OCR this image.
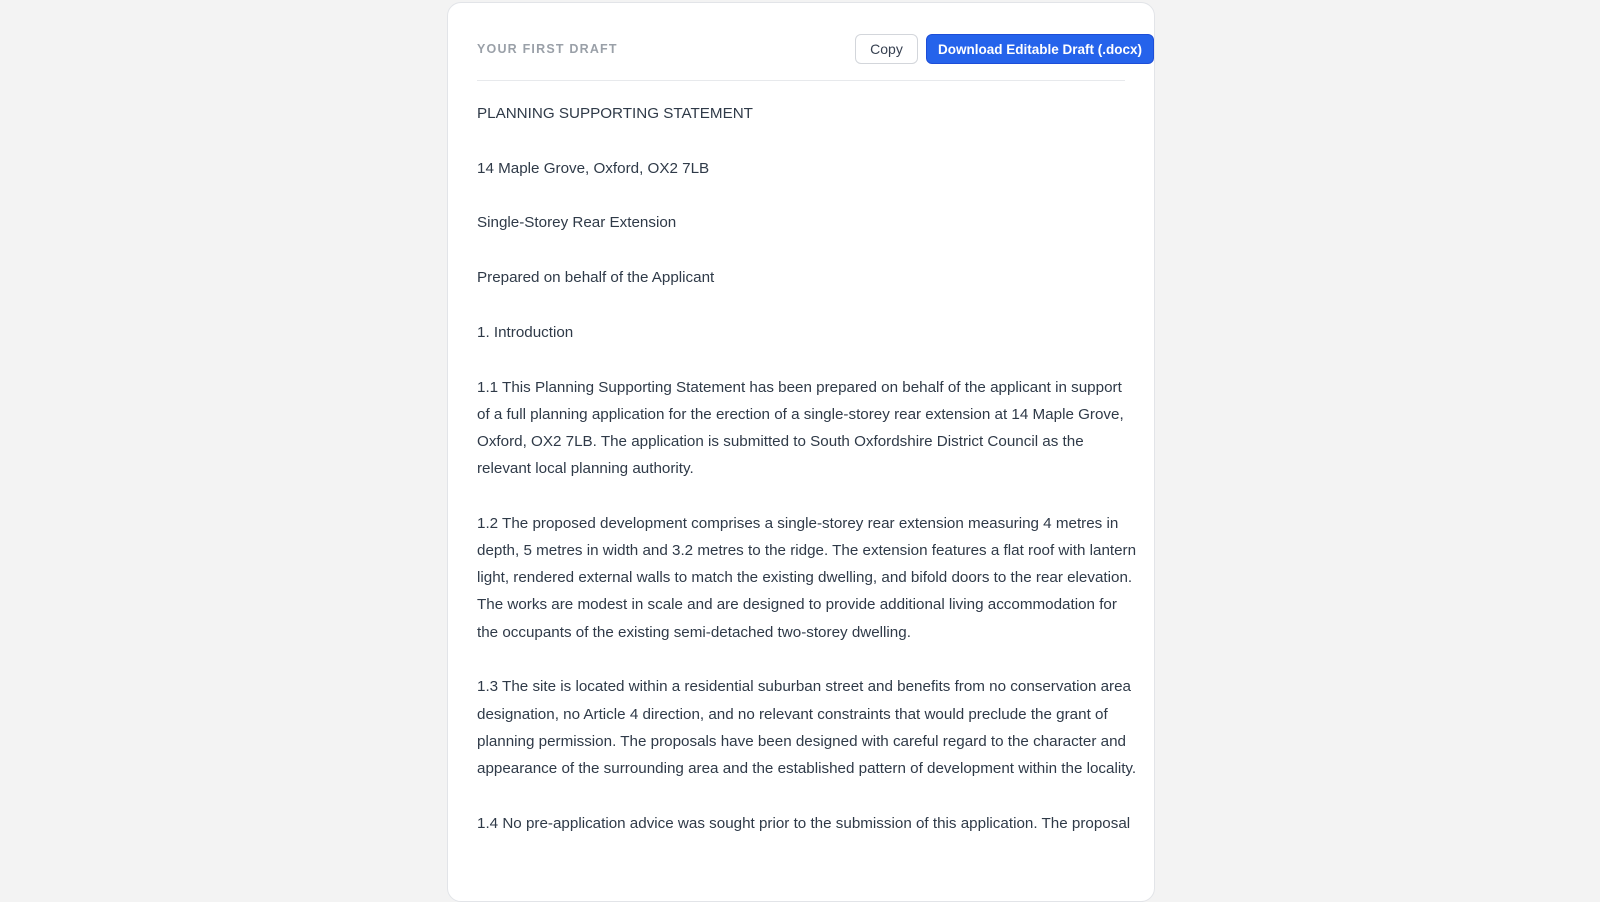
YOUR FIRST DRAFT	Copy	Download Editable Draft (.docx)

PLANNING SUPPORTING STATEMENT

14 Maple Grove, Oxford, OX2 7LB

Single-Storey Rear Extension

Prepared on behalf of the Applicant

1. Introduction

1.1 This Planning Supporting Statement has been prepared on behalf of the applicant in support of a full planning application for the erection of a single-storey rear extension at 14 Maple Grove, Oxford, OX2 7LB. The application is submitted to South Oxfordshire District Council as the relevant local planning authority.

1.2 The proposed development comprises a single-storey rear extension measuring 4 metres in depth, 5 metres in width and 3.2 metres to the ridge. The extension features a flat roof with lantern light, rendered external walls to match the existing dwelling, and bifold doors to the rear elevation. The works are modest in scale and are designed to provide additional living accommodation for the occupants of the existing semi-detached two-storey dwelling.

1.3 The site is located within a residential suburban street and benefits from no conservation area designation, no Article 4 direction, and no relevant constraints that would preclude the grant of planning permission. The proposals have been designed with careful regard to the character and appearance of the surrounding area and the established pattern of development within the locality.

1.4 No pre-application advice was sought prior to the submission of this application. The proposal
